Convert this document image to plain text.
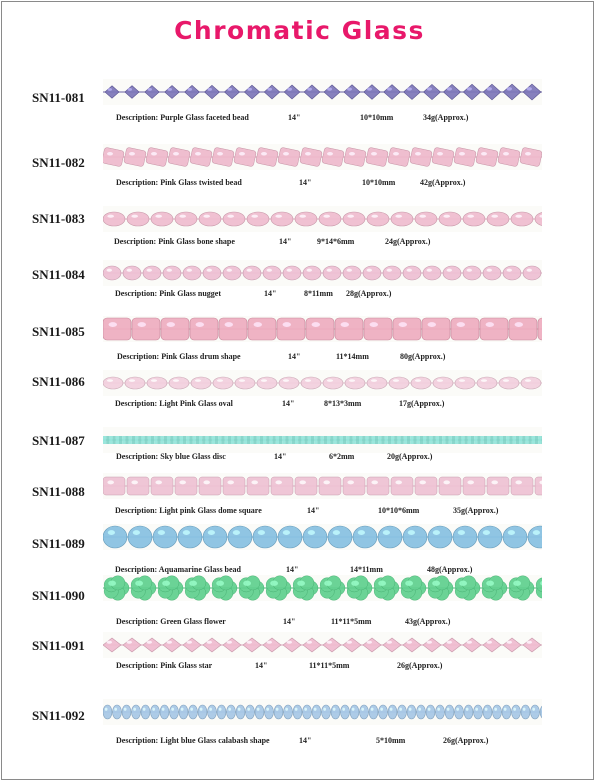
Chromatic Glass
SN11-081
Description: Purple Glass faceted bead	14"	10*10mm	34g(Approx.)
SN11-082
Description: Pink Glass twisted bead	14"	10*10mm	42g(Approx.)
SN11-083
Description: Pink Glass bone shape	14"	9*14*6mm	24g(Approx.)
SN11-084
Description: Pink Glass nugget	14"	8*11mm 28g(Approx.)
SN11-085
Description: Pink Glass drum shape	14"	11*14mm	80g(Approx.)
SN11-086
Description: Light Pink Glass oval	14"	8*13*3mm	17g(Approx.)
SN11-087
Description: Sky blue Glass disc	14"	6*2mm	20g(Approx.)
SN11-088
Description: Light pink Glass dome square	14"	10*10*6mm	35g(Approx.)
SN11-089
Description: Aquamarine Glass bead	14"	14*11mm	48g(Approx.)
SN11-090
Description: Green Glass flower	14"	11*11*5mm	43g(Approx.)
SN11-091
Description: Pink Glass star	14"	11*11*5mm	26g(Approx.)
SN11-092
Description: Light blue Glass calabash shape	14"	5*10mm	26g(Approx.)
